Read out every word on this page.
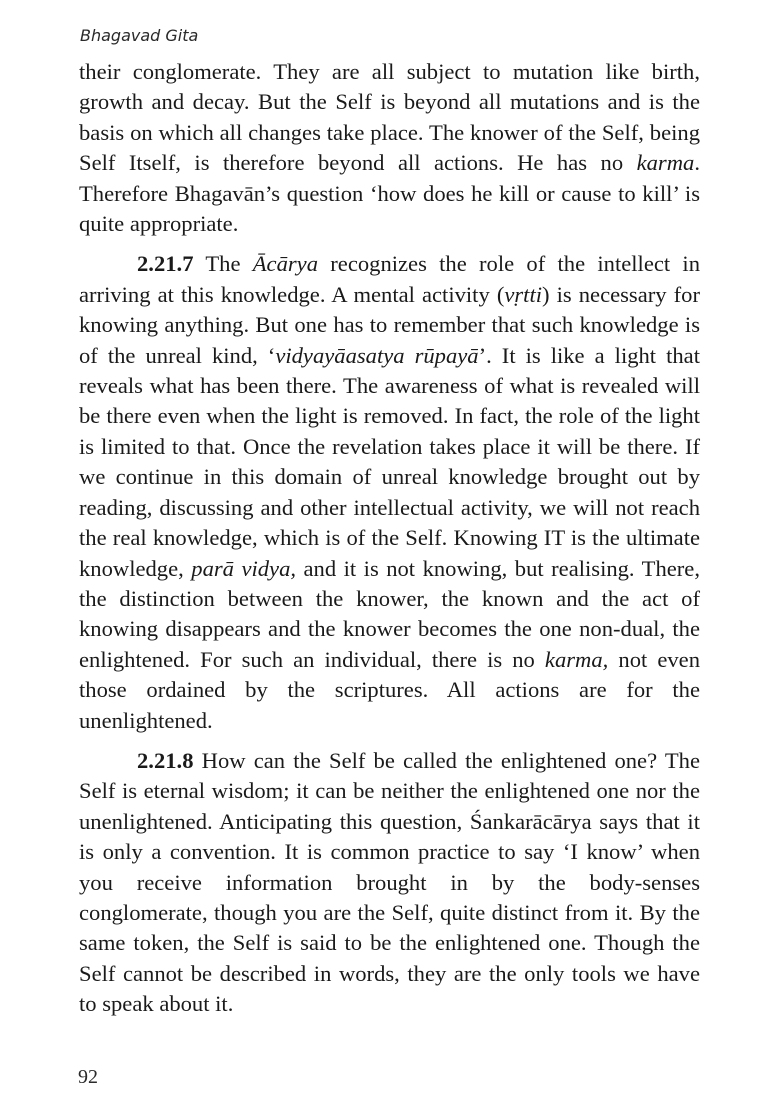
Bhagavad Gita

their conglomerate. They are all subject to mutation like birth, growth and decay. But the Self is beyond all mutations and is the basis on which all changes take place. The knower of the Self, being Self Itself, is therefore beyond all actions. He has no karma. Therefore Bhagavān’s question ‘how does he kill or cause to kill’ is quite appropriate.

2.21.7 The Ācārya recognizes the role of the intellect in arriving at this knowledge. A mental activity (vṛtti) is necessary for knowing anything. But one has to remember that such knowledge is of the unreal kind, ‘vidyayāasatya rūpayā’. It is like a light that reveals what has been there. The awareness of what is revealed will be there even when the light is removed. In fact, the role of the light is limited to that. Once the revelation takes place it will be there. If we continue in this domain of unreal knowledge brought out by reading, discussing and other intellectual activity, we will not reach the real knowledge, which is of the Self. Knowing IT is the ultimate knowledge, parā vidya, and it is not knowing, but realising. There, the distinction between the knower, the known and the act of knowing disappears and the knower becomes the one non-dual, the enlightened. For such an individual, there is no karma, not even those ordained by the scriptures. All actions are for the unenlightened.

2.21.8 How can the Self be called the enlightened one? The Self is eternal wisdom; it can be neither the enlightened one nor the unenlightened. Anticipating this question, Śankarācārya says that it is only a convention. It is common practice to say ‘I know’ when you receive information brought in by the body-senses conglomerate, though you are the Self, quite distinct from it. By the same token, the Self is said to be the enlightened one. Though the Self cannot be described in words, they are the only tools we have to speak about it.

92
